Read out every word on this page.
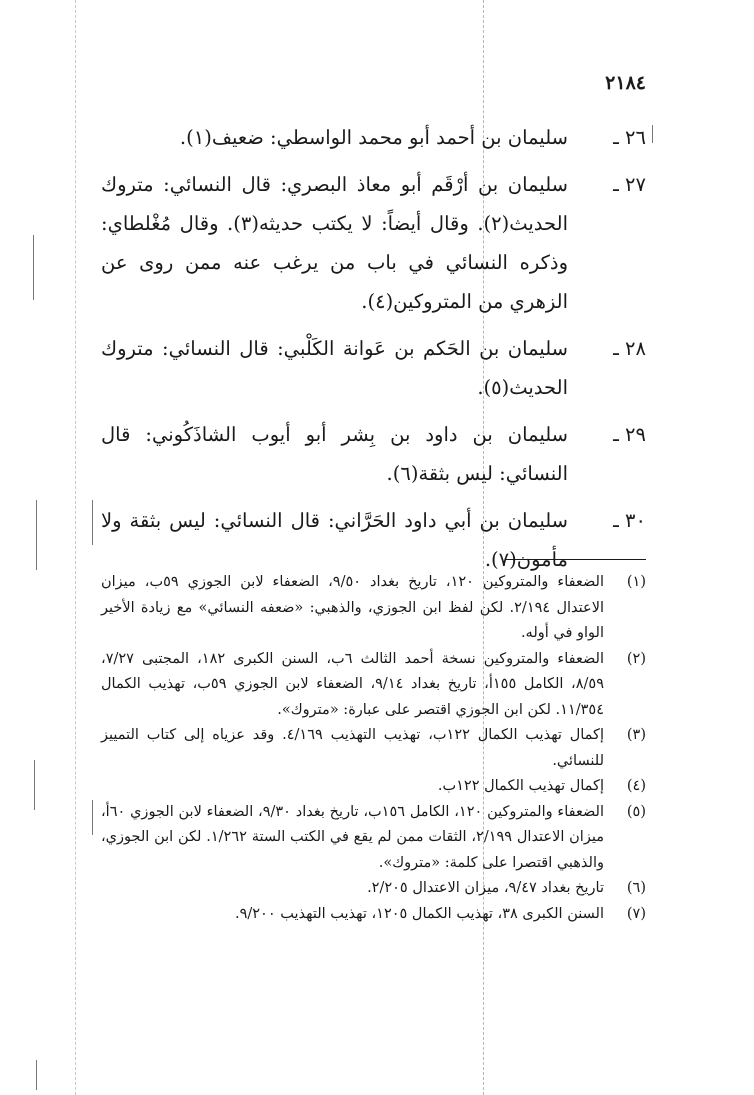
٢١٨٤
٢٦ ـ
سليمان بن أحمد أبو محمد الواسطي: ضعيف(١).
٢٧ ـ
سليمان بن أرْقَم أبو معاذ البصري: قال النسائي: متروك الحديث(٢). وقال أيضاً: لا يكتب حديثه(٣). وقال مُغْلطاي: وذكره النسائي في باب من يرغب عنه ممن روى عن الزهري من المتروكين(٤).
٢٨ ـ
سليمان بن الحَكم بن عَوانة الكَلْبي: قال النسائي: متروك الحديث(٥).
٢٩ ـ
سليمان بن داود بن بِشر أبو أيوب الشاذَكُوني: قال النسائي: ليس بثقة(٦).
٣٠ ـ
سليمان بن أبي داود الحَرَّاني: قال النسائي: ليس بثقة ولا مأمون(٧).
(١)
الضعفاء والمتروكين ١٢٠، تاريخ بغداد ٩/٥٠، الضعفاء لابن الجوزي ٥٩ب، ميزان الاعتدال ٢/١٩٤. لكن لفظ ابن الجوزي، والذهبي: «ضعفه النسائي» مع زيادة الأخير الواو في أوله.
(٢)
الضعفاء والمتروكين نسخة أحمد الثالث ٦ب، السنن الكبرى ١٨٢، المجتبى ٧/٢٧، ٨/٥٩، الكامل ١٥٥أ، تاريخ بغداد ٩/١٤، الضعفاء لابن الجوزي ٥٩ب، تهذيب الكمال ١١/٣٥٤. لكن ابن الجوزي اقتصر على عبارة: «متروك».
(٣)
إكمال تهذيب الكمال ١٢٢ب، تهذيب التهذيب ٤/١٦٩. وقد عزياه إلى كتاب التمييز للنسائي.
(٤)
إكمال تهذيب الكمال ١٢٢ب.
(٥)
الضعفاء والمتروكين ١٢٠، الكامل ١٥٦ب، تاريخ بغداد ٩/٣٠، الضعفاء لابن الجوزي ٦٠أ، ميزان الاعتدال ٢/١٩٩، الثقات ممن لم يقع في الكتب الستة ١/٢٦٢. لكن ابن الجوزي، والذهبي اقتصرا على كلمة: «متروك».
(٦)
تاريخ بغداد ٩/٤٧، ميزان الاعتدال ٢/٢٠٥.
(٧)
السنن الكبرى ٣٨، تهذيب الكمال ١٢٠٥، تهذيب التهذيب ٩/٢٠٠.
